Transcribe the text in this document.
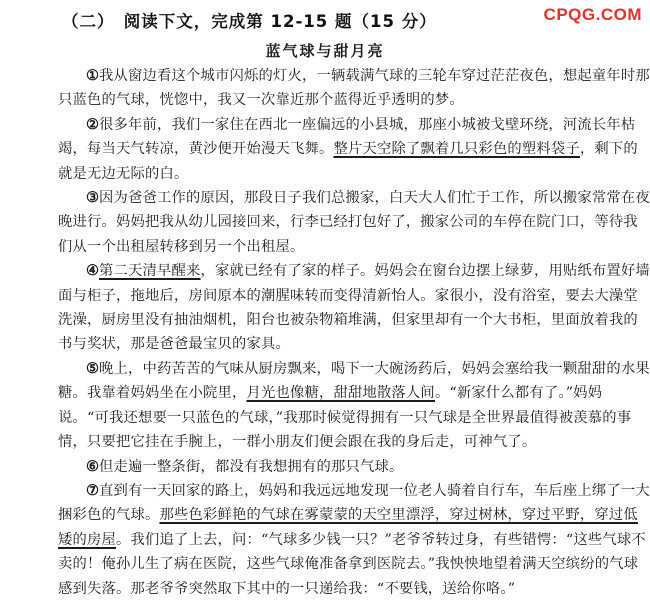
CPQG.COM
（二）　阅读下文，完成第 12-15 题（15 分）
蓝气球与甜月亮

①我从窗边看这个城市闪烁的灯火，一辆载满气球的三轮车穿过茫茫夜色，想起童年时那只蓝色的气球，恍惚中，我又一次靠近那个蓝得近乎透明的梦。

②很多年前，我们一家住在西北一座偏远的小县城，那座小城被戈壁环绕，河流长年枯竭，每当天气转凉，黄沙便开始漫天飞舞。整片天空除了飘着几只彩色的塑料袋子，剩下的就是无边无际的白。

③因为爸爸工作的原因，那段日子我们总搬家，白天大人们忙于工作，所以搬家常常在夜晚进行。妈妈把我从幼儿园接回来，行李已经打包好了，搬家公司的车停在院门口，等待我们从一个出租屋转移到另一个出租屋。

④第二天清早醒来，家就已经有了家的样子。妈妈会在窗台边摆上绿萝，用贴纸布置好墙面与柜子，拖地后，房间原本的潮腥味转而变得清新怡人。家很小，没有浴室，要去大澡堂洗澡，厨房里没有抽油烟机，阳台也被杂物箱堆满，但家里却有一个大书柜，里面放着我的书与奖状，那是爸爸最宝贝的家具。

⑤晚上，中药苦苦的气味从厨房飘来，喝下一大碗汤药后，妈妈会塞给我一颗甜甜的水果糖。我靠着妈妈坐在小院里，月光也像糖，甜甜地散落人间。“新家什么都有了。”妈妈说。“可我还想要一只蓝色的气球，”我那时候觉得拥有一只气球是全世界最值得被羡慕的事情，只要把它挂在手腕上，一群小朋友们便会跟在我的身后走，可神气了。

⑥但走遍一整条街，都没有我想拥有的那只气球。

⑦直到有一天回家的路上，妈妈和我远远地发现一位老人骑着自行车，车后座上绑了一大捆彩色的气球。那些色彩鲜艳的气球在雾蒙蒙的天空里漂浮，穿过树林，穿过平野，穿过低矮的房屋。我们追了上去，问：“气球多少钱一只？”老爷爷转过身，有些错愕：“这些气球不卖的！俺孙儿生了病在医院，这些气球俺准备拿到医院去。”我怏怏地望着满天空缤纷的气球感到失落。那老爷爷突然取下其中的一只递给我：“不要钱，送给你咯。”
